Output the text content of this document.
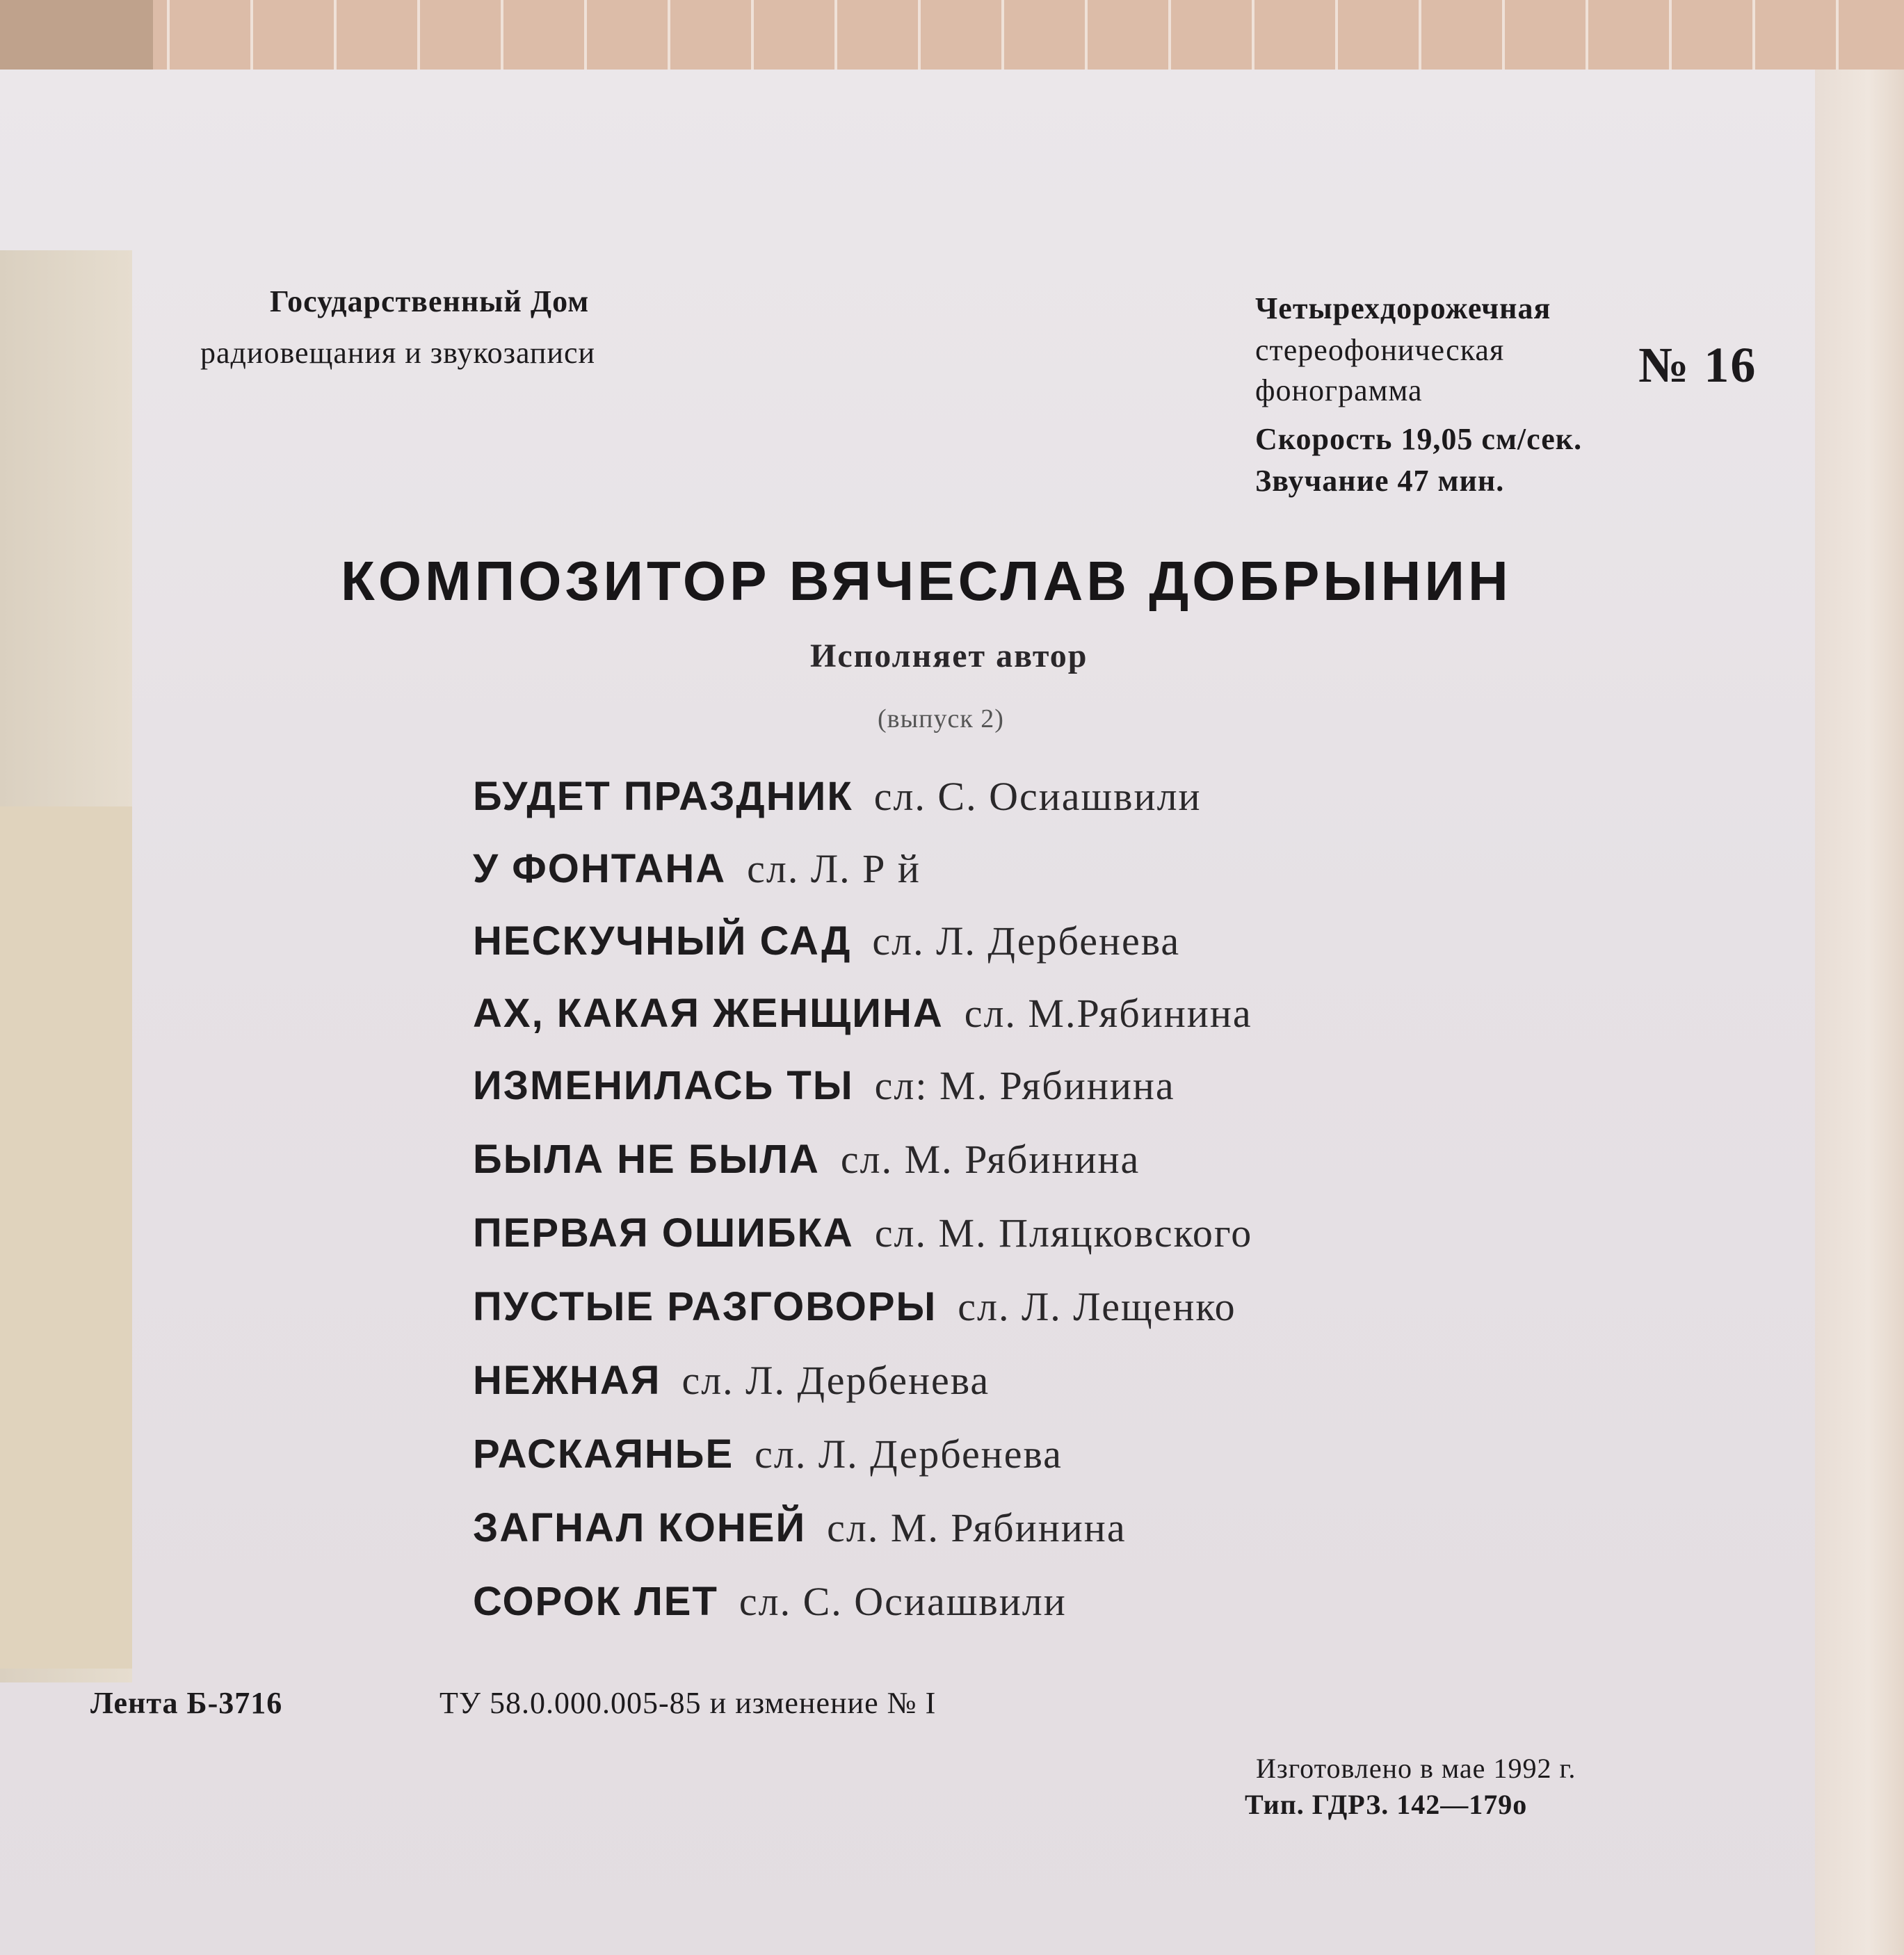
Государственный Дом
радиовещания и звукозаписи
Четырехдорожечная
стереофоническая
фонограмма
Скорость 19,05 см/сек.
Звучание 47 мин.
№ 16
КОМПОЗИТОР ВЯЧЕСЛАВ ДОБРЫНИН
Исполняет автор
(выпуск 2)
БУДЕТ ПРАЗДНИК сл. С. Осиашвили
У ФОНТАНА сл. Л. Р й
НЕСКУЧНЫЙ САД сл. Л. Дербенева
АХ, КАКАЯ ЖЕНЩИНА сл. М.Рябинина
ИЗМЕНИЛАСЬ ТЫ сл: М. Рябинина
БЫЛА НЕ БЫЛА сл. М. Рябинина
ПЕРВАЯ ОШИБКА сл. М. Пляцковского
ПУСТЫЕ РАЗГОВОРЫ сл. Л. Лещенко
НЕЖНАЯ сл. Л. Дербенева
РАСКАЯНЬЕ сл. Л. Дербенева
ЗАГНАЛ КОНЕЙ сл. М. Рябинина
СОРОК ЛЕТ сл. С. Осиашвили
Лента Б-3716	ТУ 58.0.000.005-85 и изменение № I
Изготовлено в мае 1992 г.
Тип. ГДРЗ. 142—179о
